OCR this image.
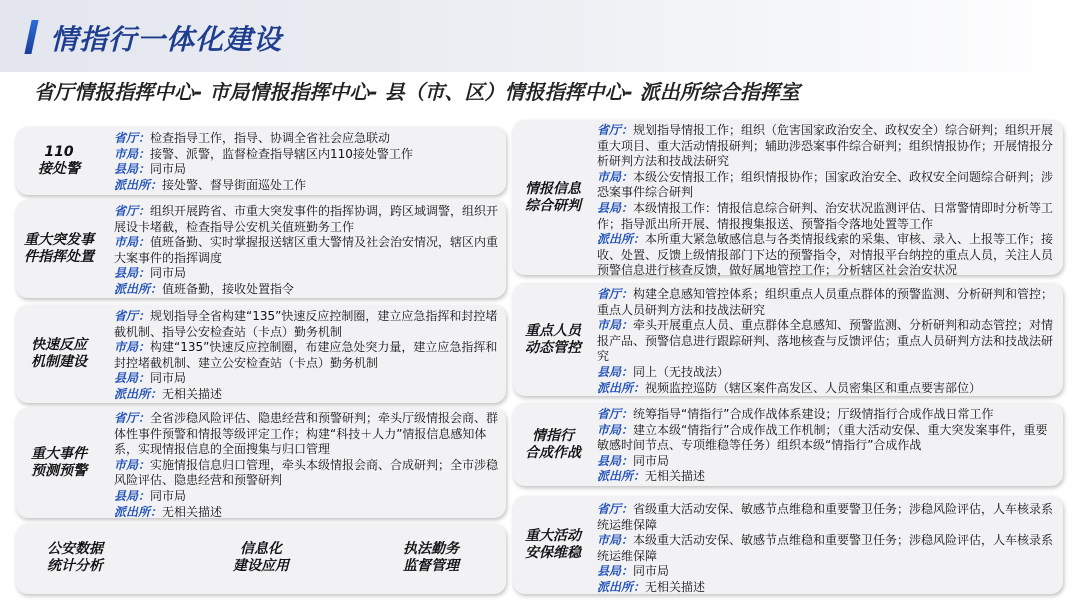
情指行一体化建设
省厅情报指挥中心- 市局情报指挥中心- 县（市、区）情报指挥中心- 派出所综合指挥室
110
接处警
省厅：检查指导工作，指导、协调全省社会应急联动
市局：接警、派警，监督检查指导辖区内110接处警工作
县局：同市局
派出所：接处警、督导街面巡处工作
重大突发事
件指挥处置
省厅：组织开展跨省、市重大突发事件的指挥协调，跨区域调警，组织开展设卡堵截，检查指导公安机关值班勤务工作
市局：值班备勤、实时掌握报送辖区重大警情及社会治安情况，辖区内重大案事件的指挥调度
县局：同市局
派出所：值班备勤，接收处置指令
快速反应
机制建设
省厅：规划指导全省构建“135”快速反应控制圈，建立应急指挥和封控堵截机制、指导公安检查站（卡点）勤务机制
市局：构建“135”快速反应控制圈，布建应急处突力量，建立应急指挥和封控堵截机制、建立公安检查站（卡点）勤务机制
县局：同市局
派出所：无相关描述
重大事件
预测预警
省厅：全省涉稳风险评估、隐患经营和预警研判；牵头厅级情报会商、群体性事件预警和情报等级评定工作；构建“科技＋人力”情报信息感知体系，实现情报信息的全面搜集与归口管理
市局：实施情报信息归口管理，牵头本级情报会商、合成研判；全市涉稳风险评估、隐患经营和预警研判
县局：同市局
派出所：无相关描述
公安数据
统计分析
信息化
建设应用
执法勤务
监督管理
情报信息
综合研判
省厅：规划指导情报工作；组织（危害国家政治安全、政权安全）综合研判；组织开展重大项目、重大活动情报研判；辅助涉恐案事件综合研判；组织情报协作；开展情报分析研判方法和技战法研究
市局：本级公安情报工作；组织情报协作；国家政治安全、政权安全问题综合研判；涉恐案事件综合研判
县局：本级情报工作：情报信息综合研判、治安状况监测评估、日常警情即时分析等工作；指导派出所开展、情报搜集报送、预警指令落地处置等工作
派出所：本所重大紧急敏感信息与各类情报线索的采集、审核、录入、上报等工作；接收、处置、反馈上级情报部门下达的预警指令，对情报平台纳控的重点人员，关注人员预警信息进行核查反馈，做好属地管控工作；分析辖区社会治安状况
重点人员
动态管控
省厅：构建全息感知管控体系；组织重点人员重点群体的预警监测、分析研判和管控；重点人员研判方法和技战法研究
市局：牵头开展重点人员、重点群体全息感知、预警监测、分析研判和动态管控；对情报产品、预警信息进行跟踪研判、落地核查与反馈评估；重点人员研判方法和技战法研究
县局：同上（无技战法）
派出所：视频监控巡防（辖区案件高发区、人员密集区和重点要害部位）
情指行
合成作战
省厅：统筹指导“情指行”合成作战体系建设；厅级情指行合成作战日常工作
市局：建立本级“情指行”合成作战工作机制；（重大活动安保、重大突发案事件，重要敏感时间节点、专项维稳等任务）组织本级“情指行”合成作战
县局：同市局
派出所：无相关描述
重大活动
安保维稳
省厅：省级重大活动安保、敏感节点维稳和重要警卫任务；涉稳风险评估，人车核录系统运维保障
市局：本级重大活动安保、敏感节点维稳和重要警卫任务；涉稳风险评估，人车核录系统运维保障
县局：同市局
派出所：无相关描述
